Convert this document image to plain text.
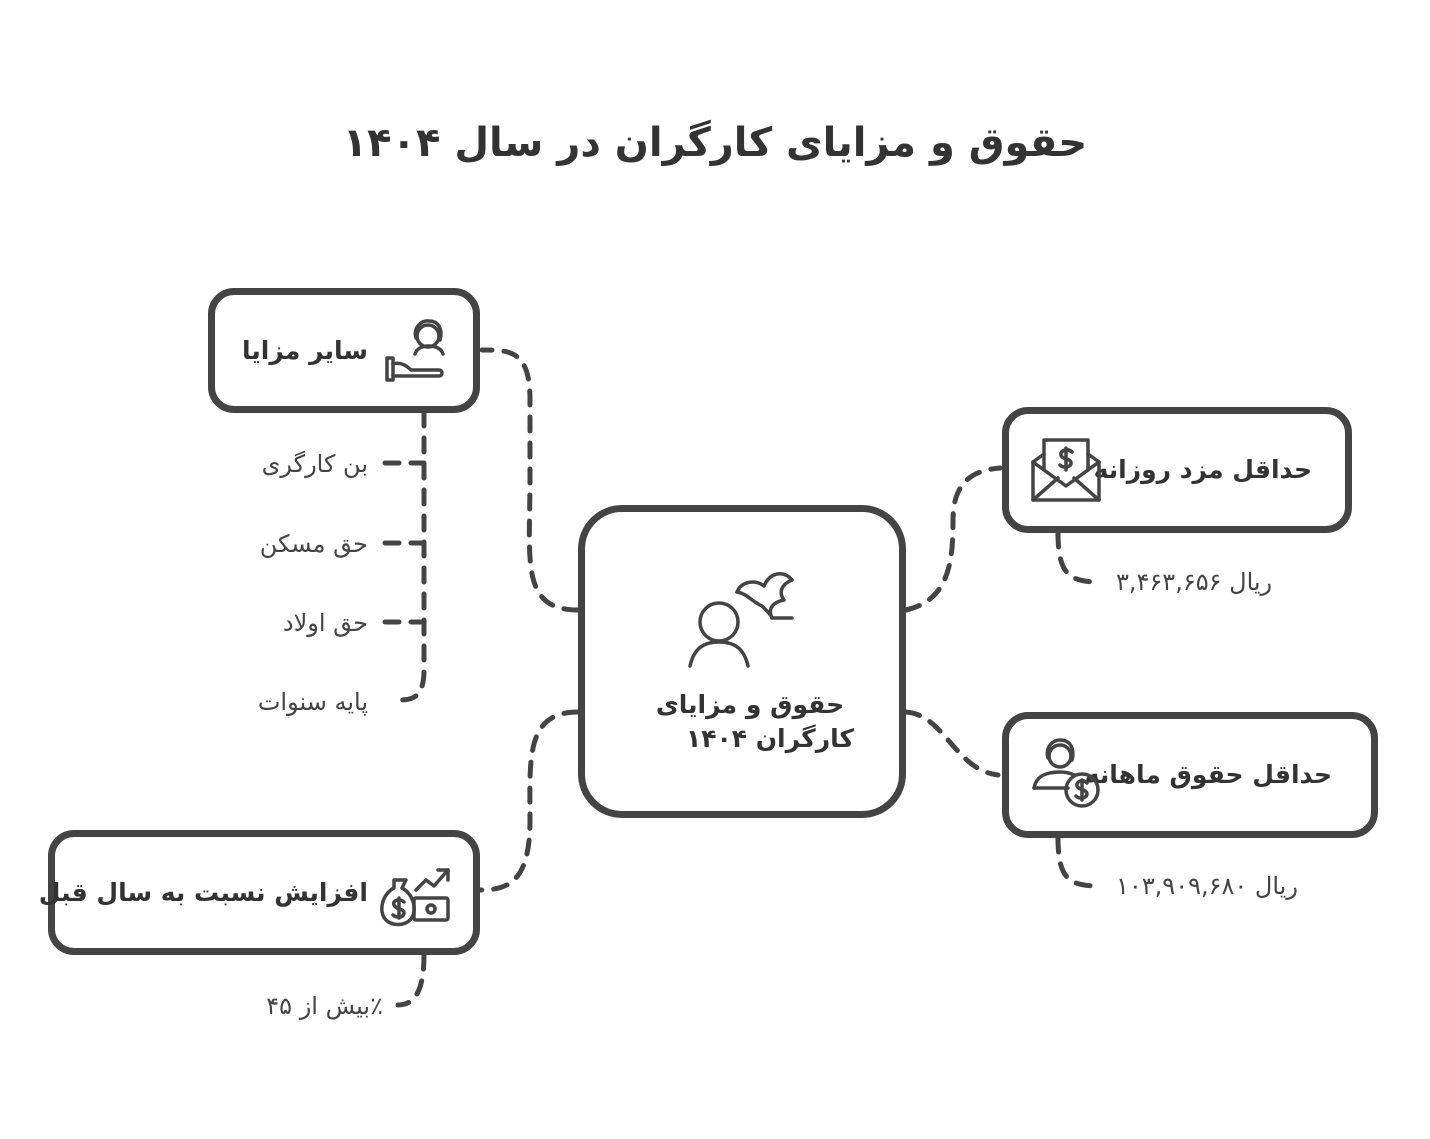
حقوق و مزایای کارگران در سال ۱۴۰۴
حقوق و مزایای
کارگران ۱۴۰۴
سایر مزایا
بن کارگری
حق مسکن
حق اولاد
پایه سنوات
افزایش نسبت به سال قبل
٪بیش از ۴۵
حداقل مزد روزانه
ریال ۳,۴۶۳,۶۵۶
حداقل حقوق ماهانه
ریال ۱۰۳,۹۰۹,۶۸۰
